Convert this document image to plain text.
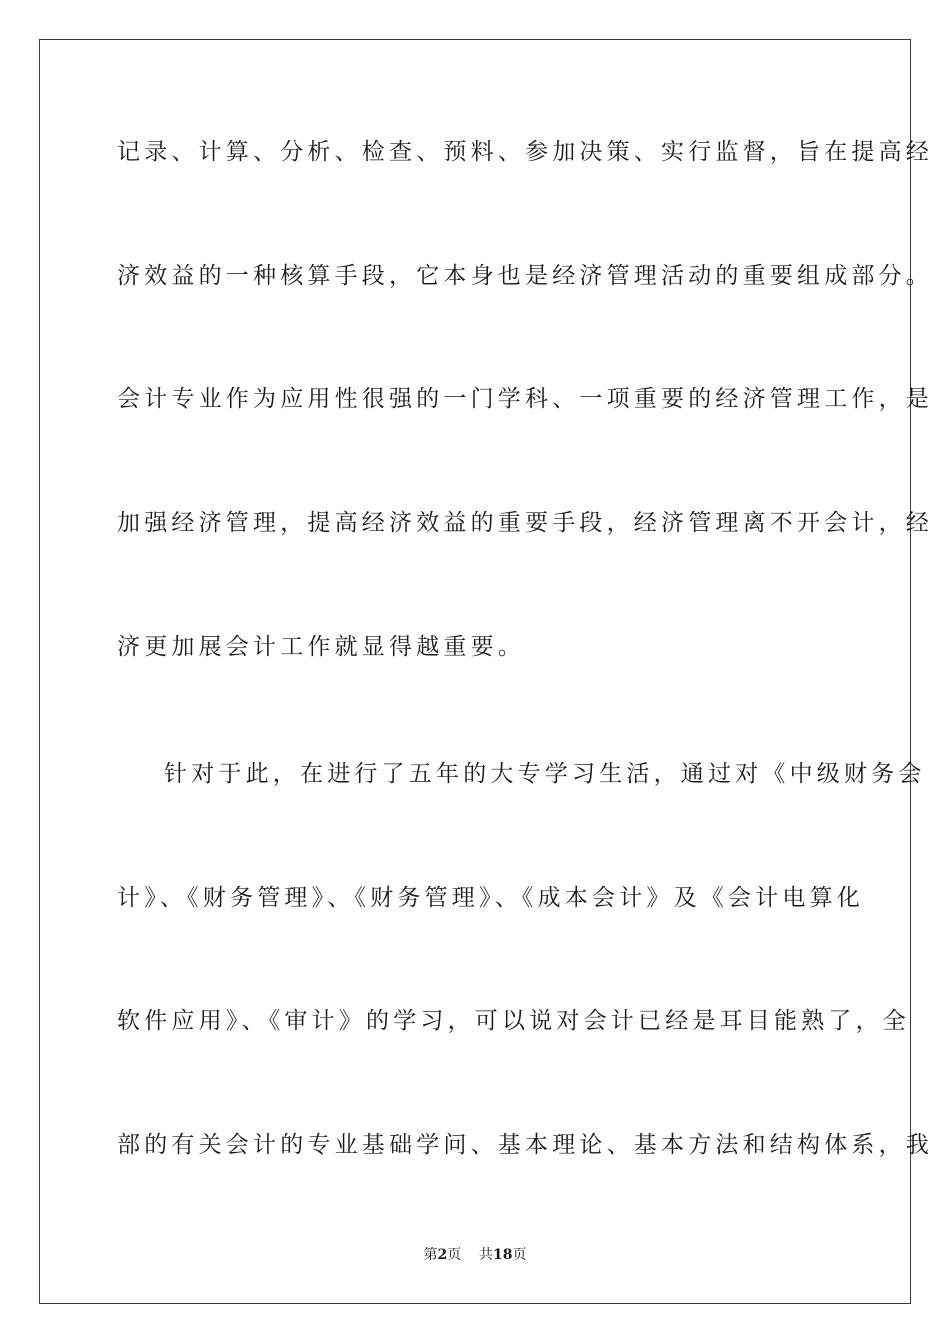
记录、计算、分析、检查、预料、参加决策、实行监督，旨在提高经
济效益的一种核算手段，它本身也是经济管理活动的重要组成部分。
会计专业作为应用性很强的一门学科、一项重要的经济管理工作，是
加强经济管理，提高经济效益的重要手段，经济管理离不开会计，经
济更加展会计工作就显得越重要。
针对于此，在进行了五年的大专学习生活，通过对《中级财务会
计》、《财务管理》、《财务管理》、《成本会计》及《会计电算化
软件应用》、《审计》的学习，可以说对会计已经是耳目能熟了，全
部的有关会计的专业基础学问、基本理论、基本方法和结构体系，我
第2页 共18页
